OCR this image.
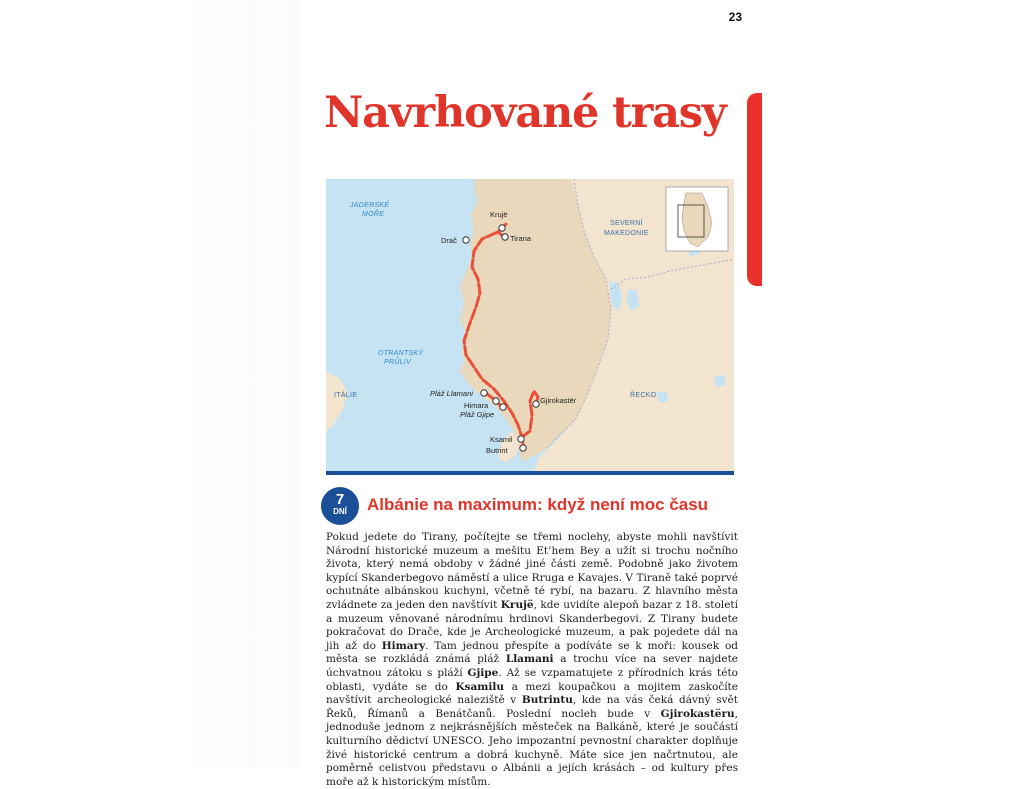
23
Navrhované trasy
JADERSKÉ
MOŘE
OTRANTSKÝ
PRŮLIV
SEVERNÍ
MAKEDONIE
ITÁLIE	ŘECKO
Krujë
Tirana
Drač
Pláž Llamani
Himara
Pláž Gjipe
Gjirokastër
Ksamil
Butrint
7
DNÍ	Albánie na maximum: když není moc času

Pokud jedete do Tirany, počítejte se třemi noclehy, abyste mohli navštívit Národní historické muzeum a mešitu Et’hem Bey a užít si trochu nočního života, který nemá obdoby v žádné jiné části země. Podobně jako životem kypící Skanderbegovo náměstí a ulice Rruga e Kavajes. V Tiraně také poprvé ochutnáte albánskou kuchyni, včetně té rybí, na bazaru. Z hlavního města zvládnete za jeden den navštívit Krujë, kde uvidíte alepoň bazar z 18. století a muzeum věnované národnímu hrdinovi Skanderbegovi. Z Tirany budete pokračovat do Drače, kde je Archeologické muzeum, a pak pojedete dál na jih až do Himary. Tam jednou přespíte a podíváte se k moři: kousek od města se rozkládá známá pláž Llamani a trochu více na sever najdete úchvatnou zátoku s pláží Gjipe. Až se vzpamatujete z přírodních krás této oblasti, vydáte se do Ksamilu a mezi koupačkou a mojitem zaskočíte navštívit archeologické naleziště v Butrintu, kde na vás čeká dávný svět Řeků, Římanů a Benátčanů. Poslední nocleh bude v Gjirokastëru, jednoduše jednom z nejkrásnějších městeček na Balkáně, které je součástí kulturního dědictví UNESCO. Jeho impozantní pevnostní charakter doplňuje živé historické centrum a dobrá kuchyně. Máte sice jen načrtnutou, ale poměrně celistvou představu o Albánii a jejích krásách – od kultury přes moře až k historickým místům.
